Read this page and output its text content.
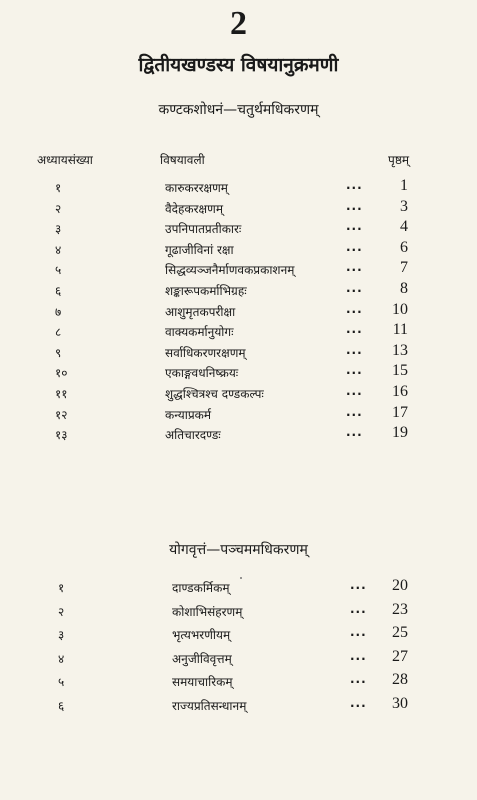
2
द्वितीयखण्डस्य विषयानुक्रमणी
कण्टकशोधनं—चतुर्थमधिकरणम्
अध्यायसंख्या	विषयावली	पृष्ठम्
१	कारुकररक्षणम्	...	1
२	वैदेहकरक्षणम्	...	3
३	उपनिपातप्रतीकारः	...	4
४	गूढाजीविनां रक्षा	...	6
५	सिद्धव्यञ्जनैर्माणवकप्रकाशनम्	...	7
६	शङ्कारूपकर्माभिग्रहः	...	8
७	आशुमृतकपरीक्षा	...	10
८	वाक्यकर्मानुयोगः	...	11
९	सर्वाधिकरणरक्षणम्	...	13
१०	एकाङ्गवधनिष्क्रयः	...	15
११	शुद्धश्चित्रश्च दण्डकल्पः	...	16
१२	कन्याप्रकर्म	...	17
१३	अतिचारदण्डः	...	19
योगवृत्तं—पञ्चममधिकरणम्
१	दाण्डकर्मिकम्	...	20
२	कोशाभिसंहरणम्	...	23
३	भृत्यभरणीयम्	...	25
४	अनुजीविवृत्तम्	...	27
५	समयाचारिकम्	...	28
६	राज्यप्रतिसन्धानम्	...	30
